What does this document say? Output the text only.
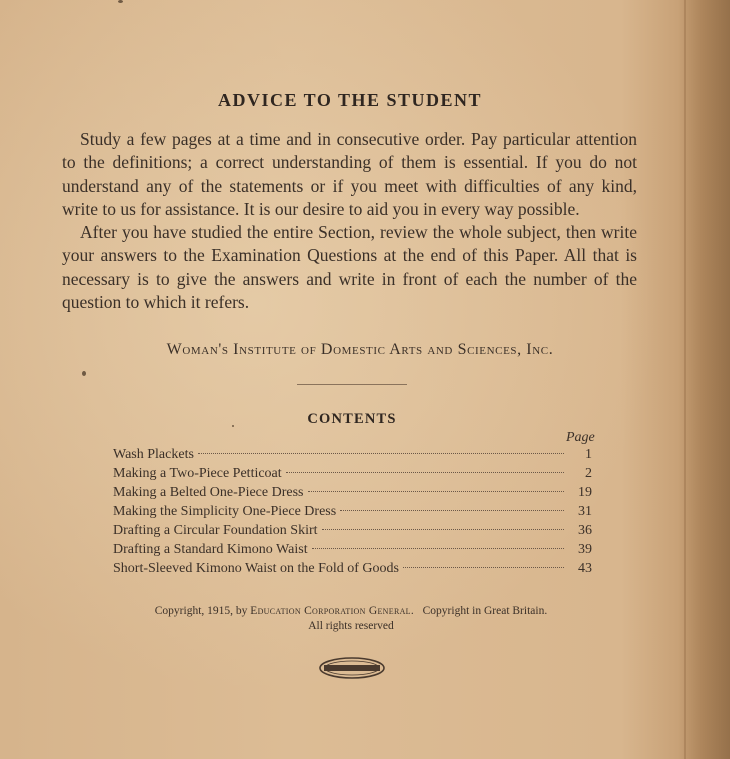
ADVICE TO THE STUDENT

Study a few pages at a time and in consecutive order. Pay particular attention to the definitions; a correct understanding of them is essential. If you do not understand any of the statements or if you meet with difficulties of any kind, write to us for assistance. It is our desire to aid you in every way possible.

After you have studied the entire Section, review the whole subject, then write your answers to the Examination Questions at the end of this Paper. All that is necessary is to give the answers and write in front of each the number of the question to which it refers.

Woman's Institute of Domestic Arts and Sciences, Inc.
CONTENTS
Page
Wash Plackets	1
Making a Two-Piece Petticoat	2
Making a Belted One-Piece Dress	19
Making the Simplicity One-Piece Dress	31
Drafting a Circular Foundation Skirt	36
Drafting a Standard Kimono Waist	39
Short-Sleeved Kimono Waist on the Fold of Goods	43
Copyright, 1915, by Education Corporation General. Copyright in Great Britain.
All rights reserved
